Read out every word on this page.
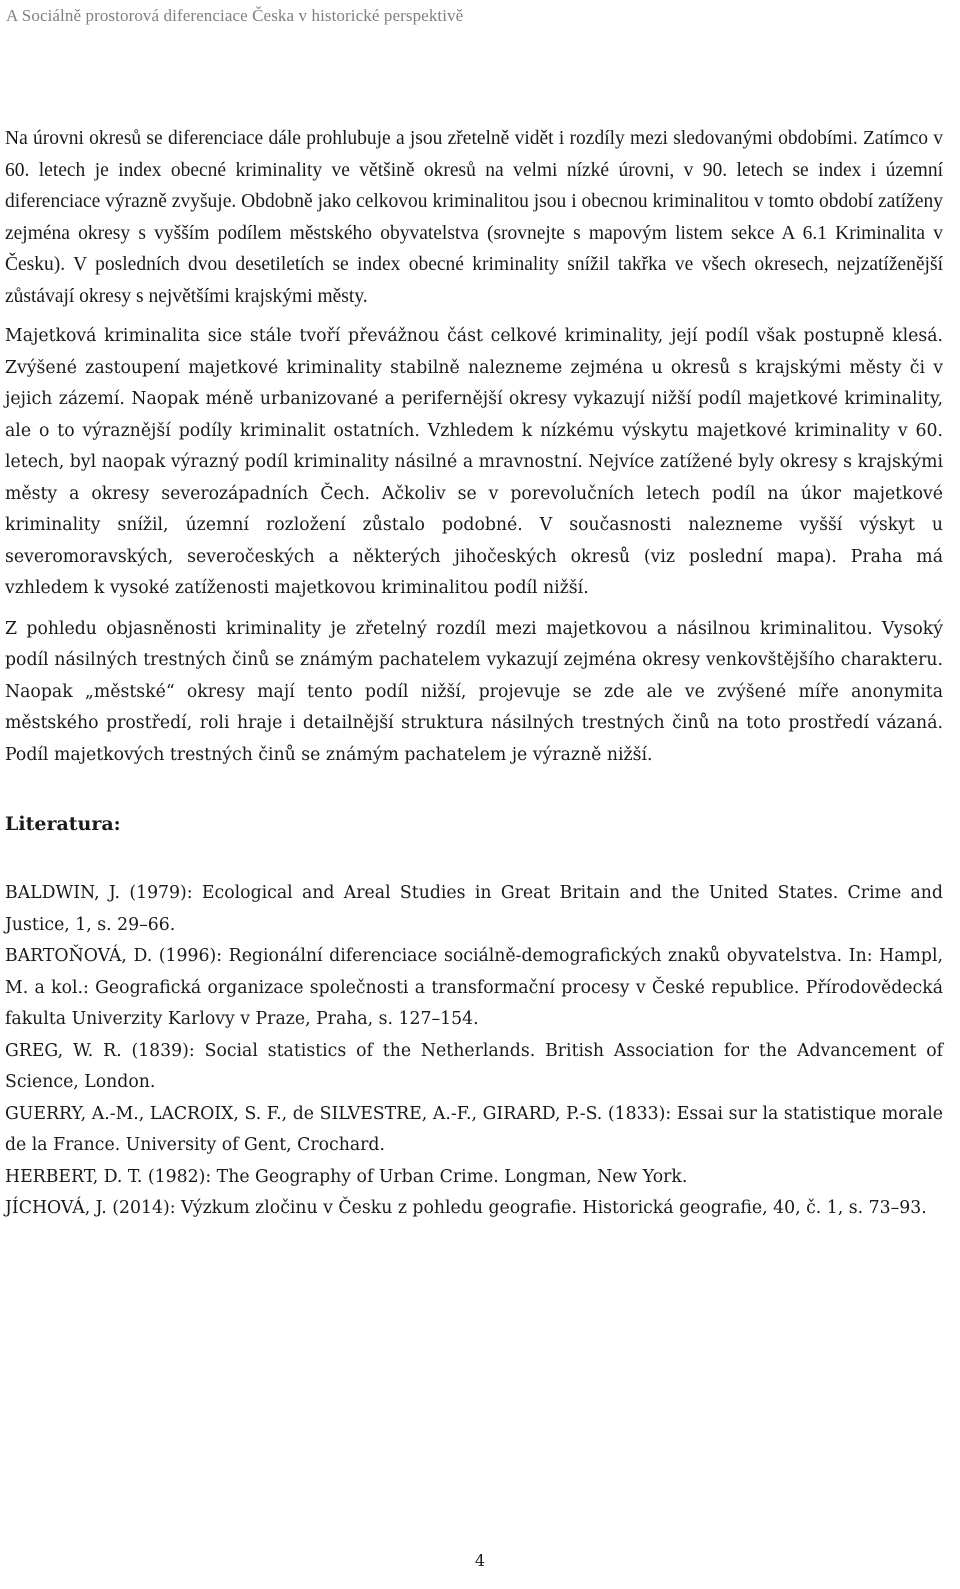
A Sociálně prostorová diferenciace Česka v historické perspektivě

Na úrovni okresů se diferenciace dále prohlubuje a jsou zřetelně vidět i rozdíly mezi sledovanými obdobími. Zatímco v 60. letech je index obecné kriminality ve většině okresů na velmi nízké úrovni, v 90. letech se index i územní diferenciace výrazně zvyšuje. Obdobně jako celkovou kriminalitou jsou i obecnou kriminalitou v tomto období zatíženy zejména okresy s vyšším podílem městského obyvatelstva (srovnejte s mapovým listem sekce A 6.1 Kriminalita v Česku). V posledních dvou desetiletích se index obecné kriminality snížil takřka ve všech okresech, nejzatíženější zůstávají okresy s největšími krajskými městy.

Majetková kriminalita sice stále tvoří převážnou část celkové kriminality, její podíl však postupně klesá. Zvýšené zastoupení majetkové kriminality stabilně nalezneme zejména u okresů s krajskými městy či v jejich zázemí. Naopak méně urbanizované a perifernější okresy vykazují nižší podíl majetkové kriminality, ale o to výraznější podíly kriminalit ostatních. Vzhledem k nízkému výskytu majetkové kriminality v 60. letech, byl naopak výrazný podíl kriminality násilné a mravnostní. Nejvíce zatížené byly okresy s krajskými městy a okresy severozápadních Čech. Ačkoliv se v porevolučních letech podíl na úkor majetkové kriminality snížil, územní rozložení zůstalo podobné. V současnosti nalezneme vyšší výskyt u severomoravských, severočeských a některých jihočeských okresů (viz poslední mapa). Praha má vzhledem k vysoké zatíženosti majetkovou kriminalitou podíl nižší.

Z pohledu objasněnosti kriminality je zřetelný rozdíl mezi majetkovou a násilnou kriminalitou. Vysoký podíl násilných trestných činů se známým pachatelem vykazují zejména okresy venkovštějšího charakteru. Naopak „městské“ okresy mají tento podíl nižší, projevuje se zde ale ve zvýšené míře anonymita městského prostředí, roli hraje i detailnější struktura násilných trestných činů na toto prostředí vázaná. Podíl majetkových trestných činů se známým pachatelem je výrazně nižší.

Literatura:

BALDWIN, J. (1979): Ecological and Areal Studies in Great Britain and the United States. Crime and Justice, 1, s. 29–66.

BARTOŇOVÁ, D. (1996): Regionální diferenciace sociálně-demografických znaků obyvatelstva. In: Hampl, M. a kol.: Geografická organizace společnosti a transformační procesy v České republice. Přírodovědecká fakulta Univerzity Karlovy v Praze, Praha, s. 127–154.

GREG, W. R. (1839): Social statistics of the Netherlands. British Association for the Advancement of Science, London.

GUERRY, A.-M., LACROIX, S. F., de SILVESTRE, A.-F., GIRARD, P.-S. (1833): Essai sur la statistique morale de la France. University of Gent, Crochard.

HERBERT, D. T. (1982): The Geography of Urban Crime. Longman, New York.

JÍCHOVÁ, J. (2014): Výzkum zločinu v Česku z pohledu geografie. Historická geografie, 40, č. 1, s. 73–93.

4
